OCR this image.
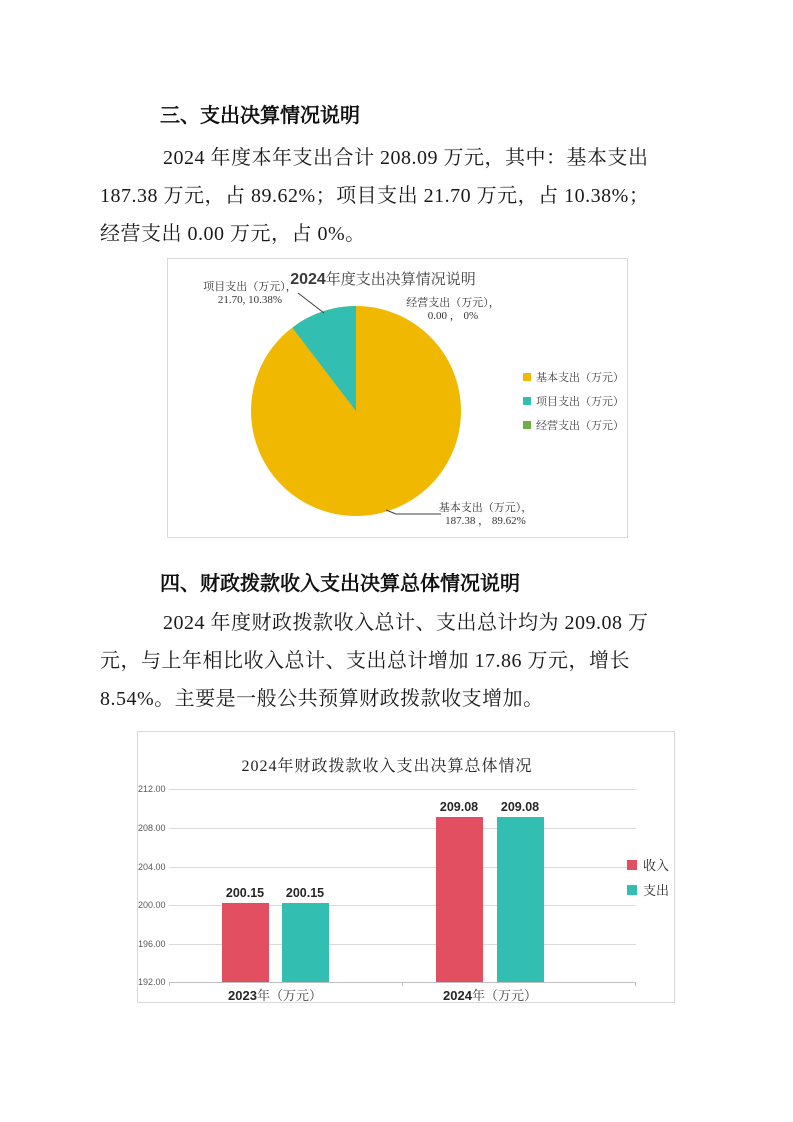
三、支出决算情况说明
2024 年度本年支出合计 208.09 万元，其中：基本支出
187.38 万元，占 89.62%；项目支出 21.70 万元，占 10.38%；
经营支出 0.00 万元，占 0%。
2024年度支出决算情况说明
项目支出（万元），
21.70, 10.38%	经营支出（万元），
0.00 ， 0%
基本支出（万元），
187.38 ， 89.62%
基本支出（万元）
项目支出（万元）
经营支出（万元）
四、财政拨款收入支出决算总体情况说明
2024 年度财政拨款收入总计、支出总计均为 209.08 万
元，与上年相比收入总计、支出总计增加 17.86 万元，增长
8.54%。主要是一般公共预算财政拨款收支增加。
2024年财政拨款收入支出决算总体情况
212.00
208.00
204.00
200.00
196.00
192.00
200.15 200.15
209.08 209.08
2023年（万元）	2024年（万元）
收入
支出
